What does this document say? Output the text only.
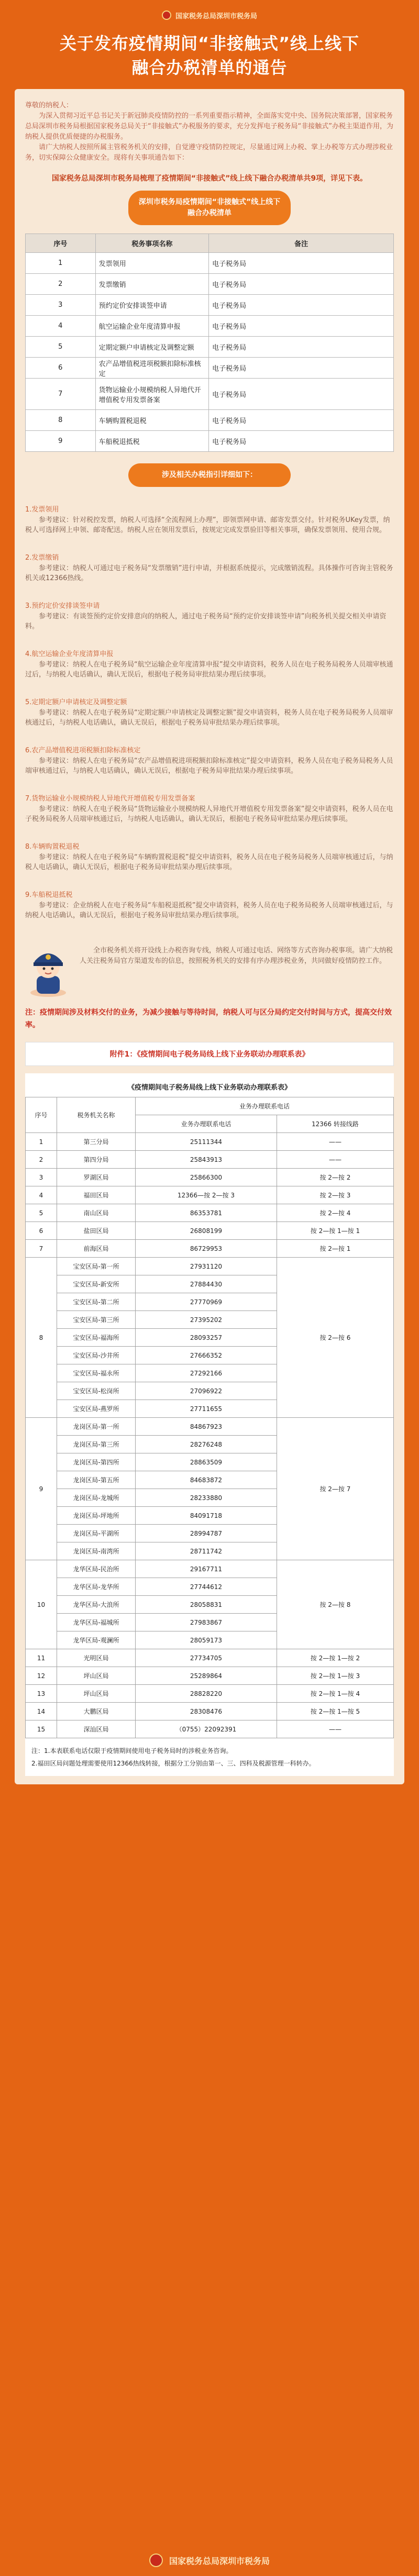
国家税务总局深圳市税务局
关于发布疫情期间“非接触式”线上线下
融合办税清单的通告
尊敬的纳税人：
为深入贯彻习近平总书记关于新冠肺炎疫情防控的一系列重要指示精神，全面落实党中央、国务院决策部署，国家税务总局深圳市税务局根据国家税务总局关于“非接触式”办税服务的要求，充分发挥电子税务局“非接触式”办税主渠道作用，为纳税人提供优质便捷的办税服务。
请广大纳税人按照所属主管税务机关的安排，自觉遵守疫情防控规定，尽量通过网上办税、掌上办税等方式办理涉税业务，切实保障公众健康安全。现将有关事项通告如下：
国家税务总局深圳市税务局梳理了疫情期间“非接触式”线上线下融合办税清单共9项，详见下表。
深圳市税务局疫情期间“非接触式”线上线下融合办税清单
序号	税务事项名称	备注
1	发票领用	电子税务局
2	发票缴销	电子税务局
3	预约定价安排谈签申请	电子税务局
4	航空运输企业年度清算申报	电子税务局
5	定期定额户申请核定及调整定额	电子税务局
6	农产品增值税进项税额扣除标准核定	电子税务局
7	货物运输业小规模纳税人异地代开增值税专用发票备案	电子税务局
8	车辆购置税退税	电子税务局
9	车船税退抵税	电子税务局
涉及相关办税指引详细如下：
1.发票领用
参考建议：针对税控发票，纳税人可选择“全流程网上办理”，即领票网申请、邮寄发票交付。针对税务UKey发票，纳税人可选择网上申领、邮寄配送。纳税人应在领用发票后，按规定完成发票验旧等相关事项，确保发票领用、使用合规。
2.发票缴销
参考建议：纳税人可通过电子税务局“发票缴销”进行申请，并根据系统提示，完成缴销流程。具体操作可咨询主管税务机关或12366热线。
3.预约定价安排谈签申请
参考建议：有谈签预约定价安排意向的纳税人，通过电子税务局“预约定价安排谈签申请”向税务机关提交相关申请资料。
4.航空运输企业年度清算申报
参考建议：纳税人在电子税务局“航空运输企业年度清算申报”提交申请资料，税务人员在电子税务局税务人员端审核通过后，与纳税人电话确认，确认无误后，根据电子税务局审批结果办理后续事项。
5.定期定额户申请核定及调整定额
参考建议：纳税人在电子税务局“定期定额户申请核定及调整定额”提交申请资料，税务人员在电子税务局税务人员端审核通过后，与纳税人电话确认，确认无误后，根据电子税务局审批结果办理后续事项。
6.农产品增值税进项税额扣除标准核定
参考建议：纳税人在电子税务局“农产品增值税进项税额扣除标准核定”提交申请资料，税务人员在电子税务局税务人员端审核通过后，与纳税人电话确认，确认无误后，根据电子税务局审批结果办理后续事项。
7.货物运输业小规模纳税人异地代开增值税专用发票备案
参考建议：纳税人在电子税务局“货物运输业小规模纳税人异地代开增值税专用发票备案”提交申请资料，税务人员在电子税务局税务人员端审核通过后，与纳税人电话确认，确认无误后，根据电子税务局审批结果办理后续事项。
8.车辆购置税退税
参考建议：纳税人在电子税务局“车辆购置税退税”提交申请资料，税务人员在电子税务局税务人员端审核通过后，与纳税人电话确认，确认无误后，根据电子税务局审批结果办理后续事项。
9.车船税退抵税
参考建议：企业纳税人在电子税务局“车船税退抵税”提交申请资料，税务人员在电子税务局税务人员端审核通过后，与纳税人电话确认，确认无误后，根据电子税务局审批结果办理后续事项。
全市税务机关将开设线上办税咨询专线，纳税人可通过电话、网络等方式咨询办税事项。请广大纳税人关注税务局官方渠道发布的信息，按照税务机关的安排有序办理涉税业务，共同做好疫情防控工作。
注：疫情期间涉及材料交付的业务，为减少接触与等待时间，纳税人可与区分局约定交付时间与方式，提高交付效率。
附件1：《疫情期间电子税务局线上线下业务联动办理联系表》
《疫情期间电子税务局线上线下业务联动办理联系表》
序号	税务机关名称	业务办理联系电话	
		业务办理联系电话	12366 转接线路
1	第三分局	25111344	——
2	第四分局	25843913	——
3	罗湖区局	25866300	按 2—按 2
4	福田区局	12366—按 2—按 3	按 2—按 3
5	南山区局	86353781	按 2—按 4
6	盐田区局	26808199	按 2—按 1—按 1
7	前海区局	86729953	按 2—按 1
8	宝安区局-第一所	27931120	按 2—按 6
	宝安区局-新安所	27884430	
	宝安区局-第二所	27770969	
	宝安区局-第三所	27395202	
	宝安区局-福海所	28093257	
	宝安区局-沙井所	27666352	
	宝安区局-福永所	27292166	
	宝安区局-松岗所	27096922	
	宝安区局-燕罗所	27711655	
9	龙岗区局-第一所	84867923	按 2—按 7
	龙岗区局-第三所	28276248	
	龙岗区局-第四所	28863509	
	龙岗区局-第五所	84683872	
	龙岗区局-龙城所	28233880	
	龙岗区局-坪地所	84091718	
	龙岗区局-平湖所	28994787	
	龙岗区局-南湾所	28711742	
10	龙华区局-民治所	29167711	按 2—按 8
	龙华区局-龙华所	27744612	
	龙华区局-大浪所	28058831	
	龙华区局-福城所	27983867	
	龙华区局-观澜所	28059173	
11	光明区局	27734705	按 2—按 1—按 2
12	坪山区局	25289864	按 2—按 1—按 3
13	坪山区局	28828220	按 2—按 1—按 4
14	大鹏区局	28308476	按 2—按 1—按 5
15	深汕区局	（0755）22092391	——
注：1.本表联系电话仅限于疫情期间使用电子税务局时的涉税业务咨询。
2.福田区局问题处理需要使用12366热线转接，根据分工分别由第一、三、四科及税源管理一科转办。
国家税务总局深圳市税务局
